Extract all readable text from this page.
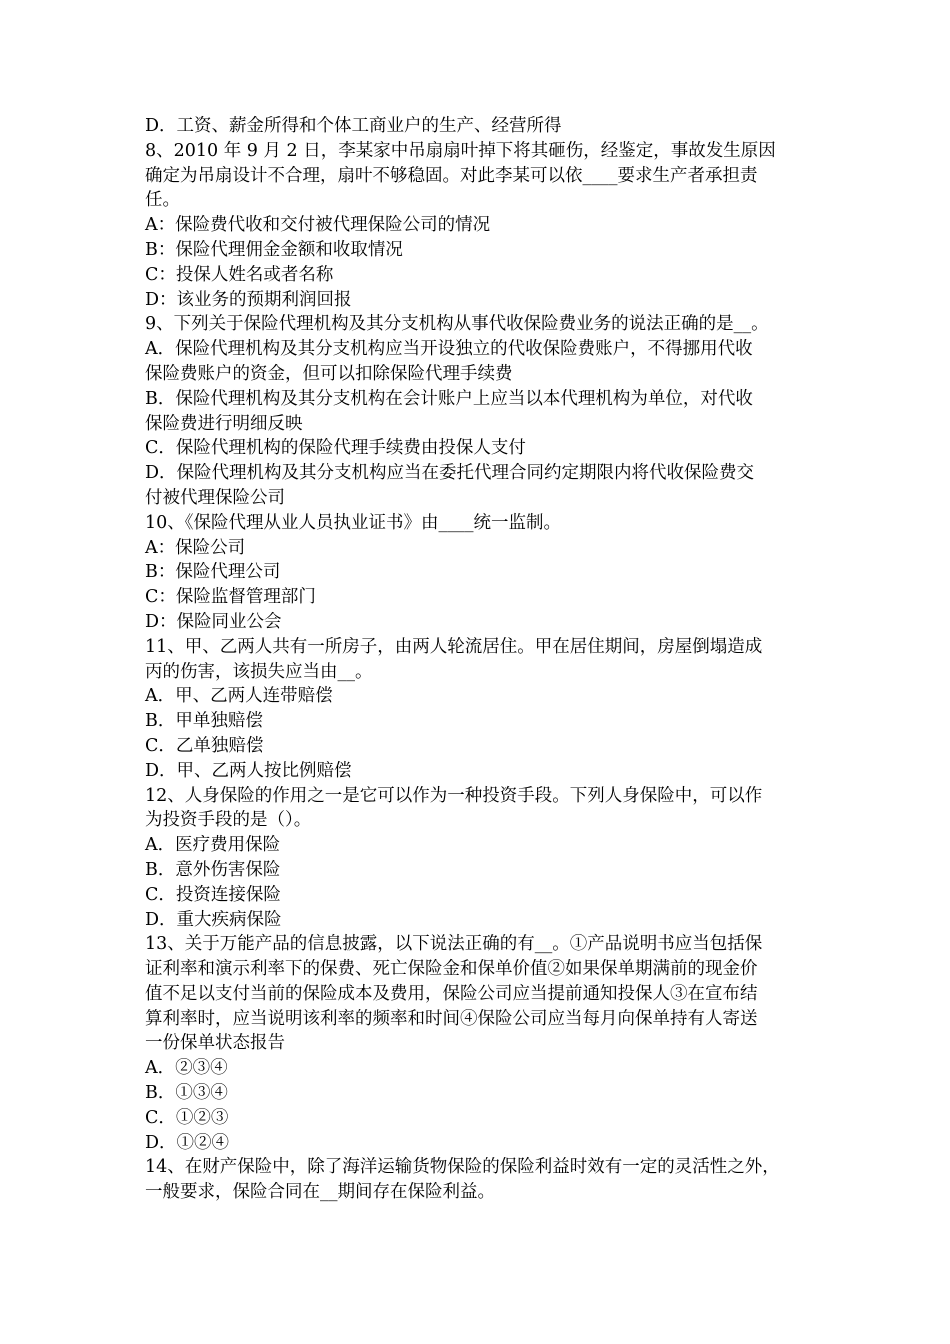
D．工资、薪金所得和个体工商业户的生产、经营所得
8、2010 年 9 月 2 日，李某家中吊扇扇叶掉下将其砸伤，经鉴定，事故发生原因
确定为吊扇设计不合理，扇叶不够稳固。对此李某可以依____要求生产者承担责
任。
A：保险费代收和交付被代理保险公司的情况
B：保险代理佣金金额和收取情况
C：投保人姓名或者名称
D：该业务的预期利润回报
9、下列关于保险代理机构及其分支机构从事代收保险费业务的说法正确的是__。
A．保险代理机构及其分支机构应当开设独立的代收保险费账户，不得挪用代收
保险费账户的资金，但可以扣除保险代理手续费
B．保险代理机构及其分支机构在会计账户上应当以本代理机构为单位，对代收
保险费进行明细反映
C．保险代理机构的保险代理手续费由投保人支付
D．保险代理机构及其分支机构应当在委托代理合同约定期限内将代收保险费交
付被代理保险公司
10、《保险代理从业人员执业证书》由____统一监制。
A：保险公司
B：保险代理公司
C：保险监督管理部门
D：保险同业公会
11、甲、乙两人共有一所房子，由两人轮流居住。甲在居住期间，房屋倒塌造成
丙的伤害，该损失应当由__。
A．甲、乙两人连带赔偿
B．甲单独赔偿
C．乙单独赔偿
D．甲、乙两人按比例赔偿
12、人身保险的作用之一是它可以作为一种投资手段。下列人身保险中，可以作
为投资手段的是（）。
A．医疗费用保险
B．意外伤害保险
C．投资连接保险
D．重大疾病保险
13、关于万能产品的信息披露，以下说法正确的有__。①产品说明书应当包括保
证利率和演示利率下的保费、死亡保险金和保单价值②如果保单期满前的现金价
值不足以支付当前的保险成本及费用，保险公司应当提前通知投保人③在宣布结
算利率时，应当说明该利率的频率和时间④保险公司应当每月向保单持有人寄送
一份保单状态报告
A．②③④
B．①③④
C．①②③
D．①②④
14、在财产保险中，除了海洋运输货物保险的保险利益时效有一定的灵活性之外，
一般要求，保险合同在__期间存在保险利益。
